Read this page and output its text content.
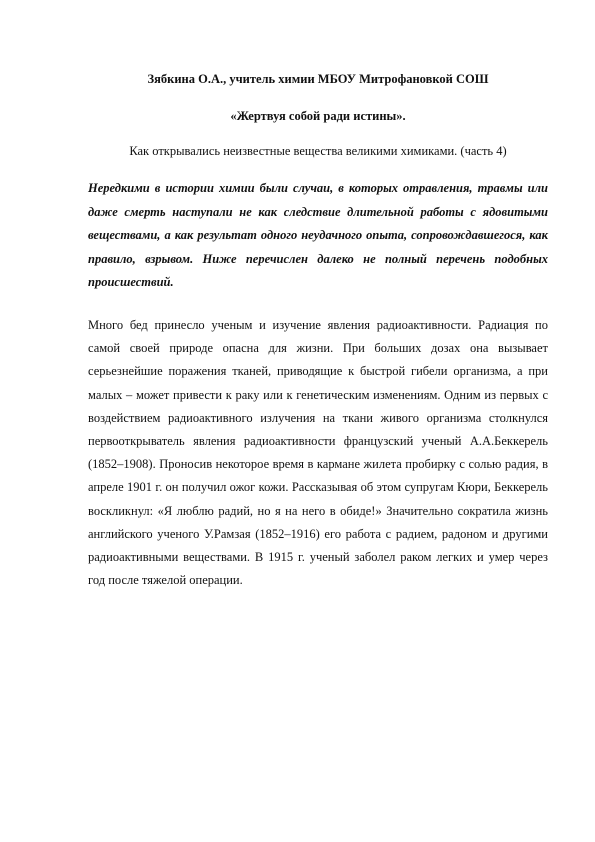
Зябкина О.А., учитель химии МБОУ Митрофановкой СОШ

«Жертвуя собой ради истины».

Как открывались неизвестные вещества великими химиками. (часть 4)

Нередкими в истории химии были случаи, в которых отравления, травмы или даже смерть наступали не как следствие длительной работы с ядовитыми веществами, а как результат одного неудачного опыта, сопровождавшегося, как правило, взрывом. Ниже перечислен далеко не полный перечень подобных происшествий.

Много бед принесло ученым и изучение явления радиоактивности. Радиация по самой своей природе опасна для жизни. При больших дозах она вызывает серьезнейшие поражения тканей, приводящие к быстрой гибели организма, а при малых – может привести к раку или к генетическим изменениям. Одним из первых с воздействием радиоактивного излучения на ткани живого организма столкнулся первооткрыватель явления радиоактивности французский ученый А.А.Беккерель (1852–1908). Проносив некоторое время в кармане жилета пробирку с солью радия, в апреле 1901 г. он получил ожог кожи. Рассказывая об этом супругам Кюри, Беккерель воскликнул: «Я люблю радий, но я на него в обиде!» Значительно сократила жизнь английского ученого У.Рамзая (1852–1916) его работа с радием, радоном и другими радиоактивными веществами. В 1915 г. ученый заболел раком легких и умер через год после тяжелой операции.
